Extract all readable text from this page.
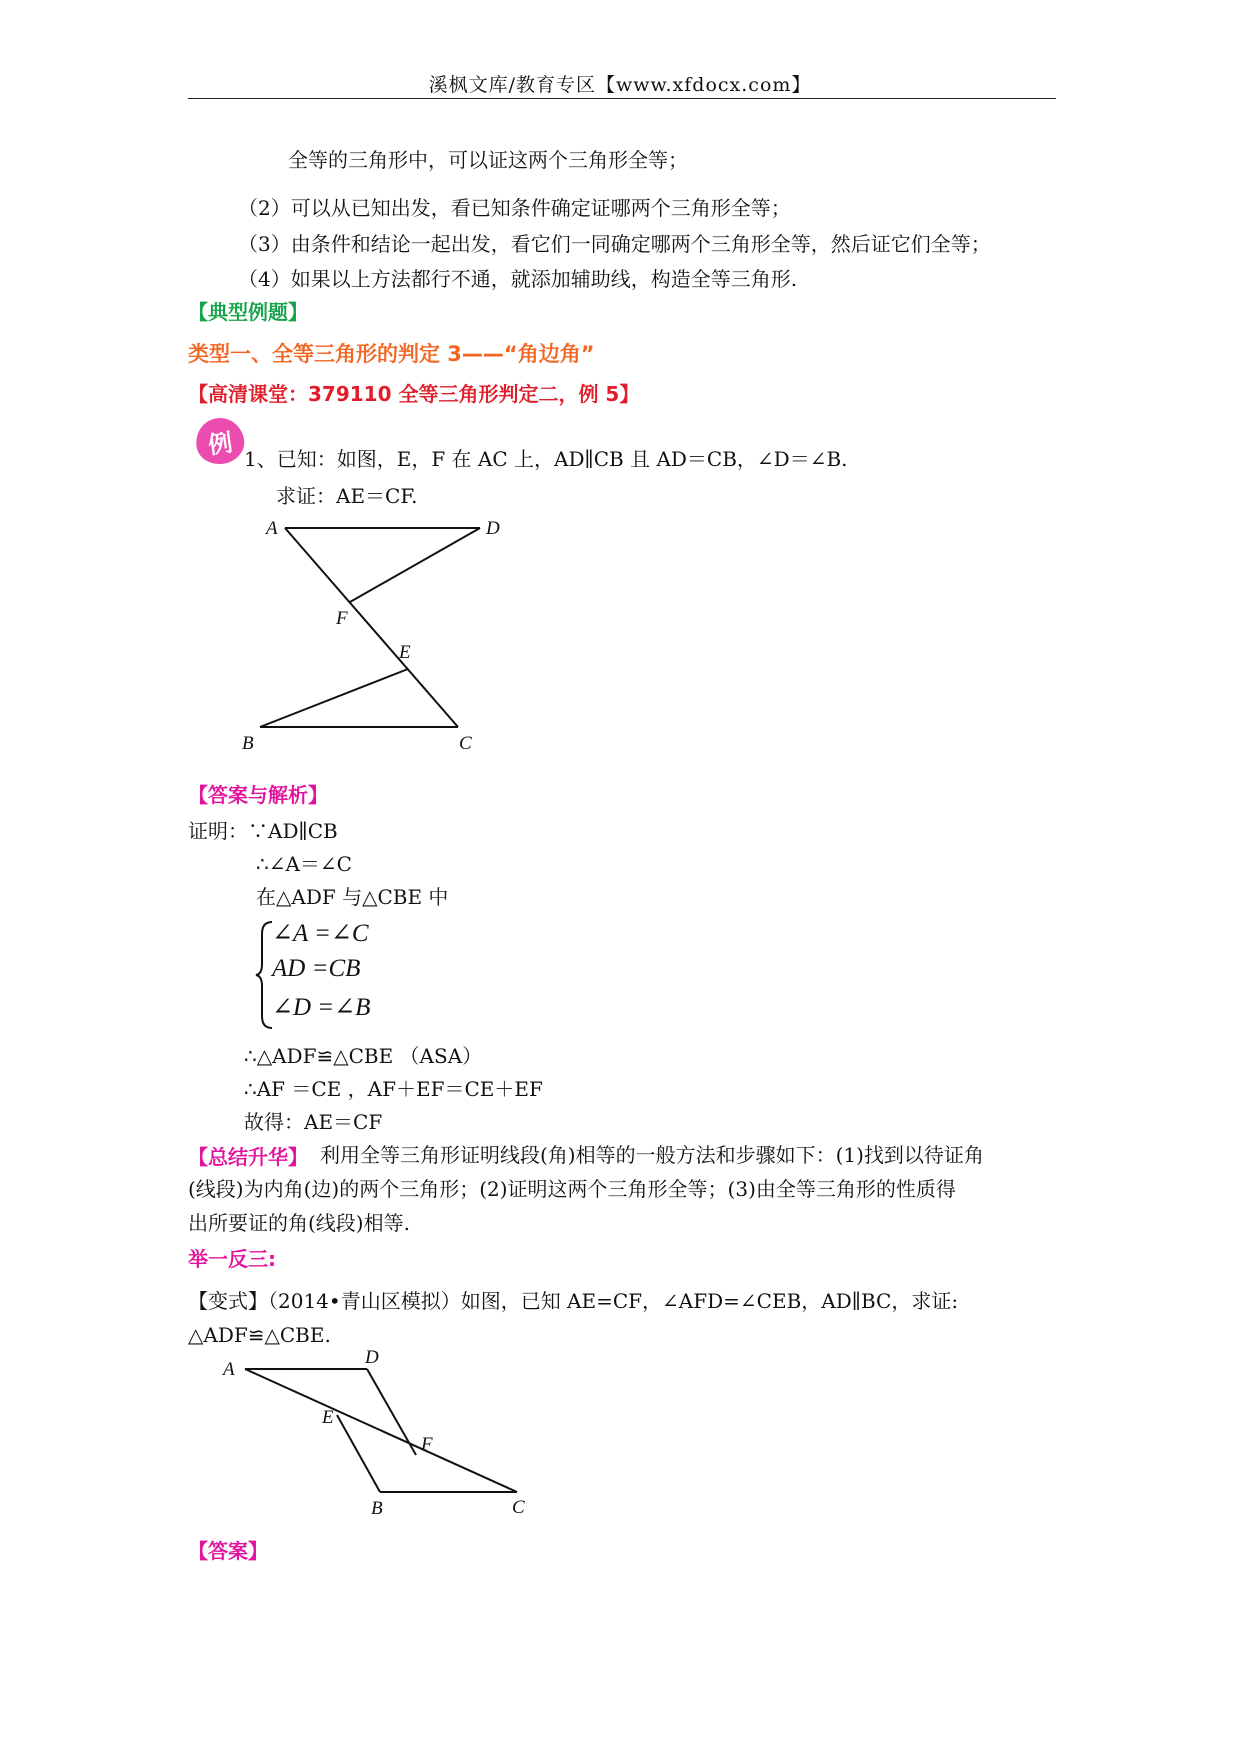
溪枫文库/教育专区【www.xfdocx.com】
全等的三角形中，可以证这两个三角形全等；
（2）可以从已知出发，看已知条件确定证哪两个三角形全等；
（3）由条件和结论一起出发，看它们一同确定哪两个三角形全等，然后证它们全等；
（4）如果以上方法都行不通，就添加辅助线，构造全等三角形.
【典型例题】
类型一、全等三角形的判定 3——“角边角”
【高清课堂：379110 全等三角形判定二，例 5】
例 1、已知：如图，E，F 在 AC 上，AD∥CB 且 AD＝CB，∠D＝∠B.
求证：AE＝CF.
A	D
F
E
B	C
【答案与解析】
证明：∵AD∥CB
∴∠A＝∠C
在△ADF 与△CBE 中
∠A =∠C
AD =CB
∠D =∠B
∴△ADF≌△CBE （ASA）
∴AF ＝CE ，AF＋EF＝CE＋EF
故得：AE＝CF
【总结升华】 利用全等三角形证明线段(角)相等的一般方法和步骤如下：(1)找到以待证角
(线段)为内角(边)的两个三角形；(2)证明这两个三角形全等；(3)由全等三角形的性质得
出所要证的角(线段)相等.
举一反三:
【变式】（2014•青山区模拟）如图，已知 AE=CF，∠AFD=∠CEB，AD∥BC，求证:
△ADF≌△CBE.
A
D
E
F
B	C
【答案】
